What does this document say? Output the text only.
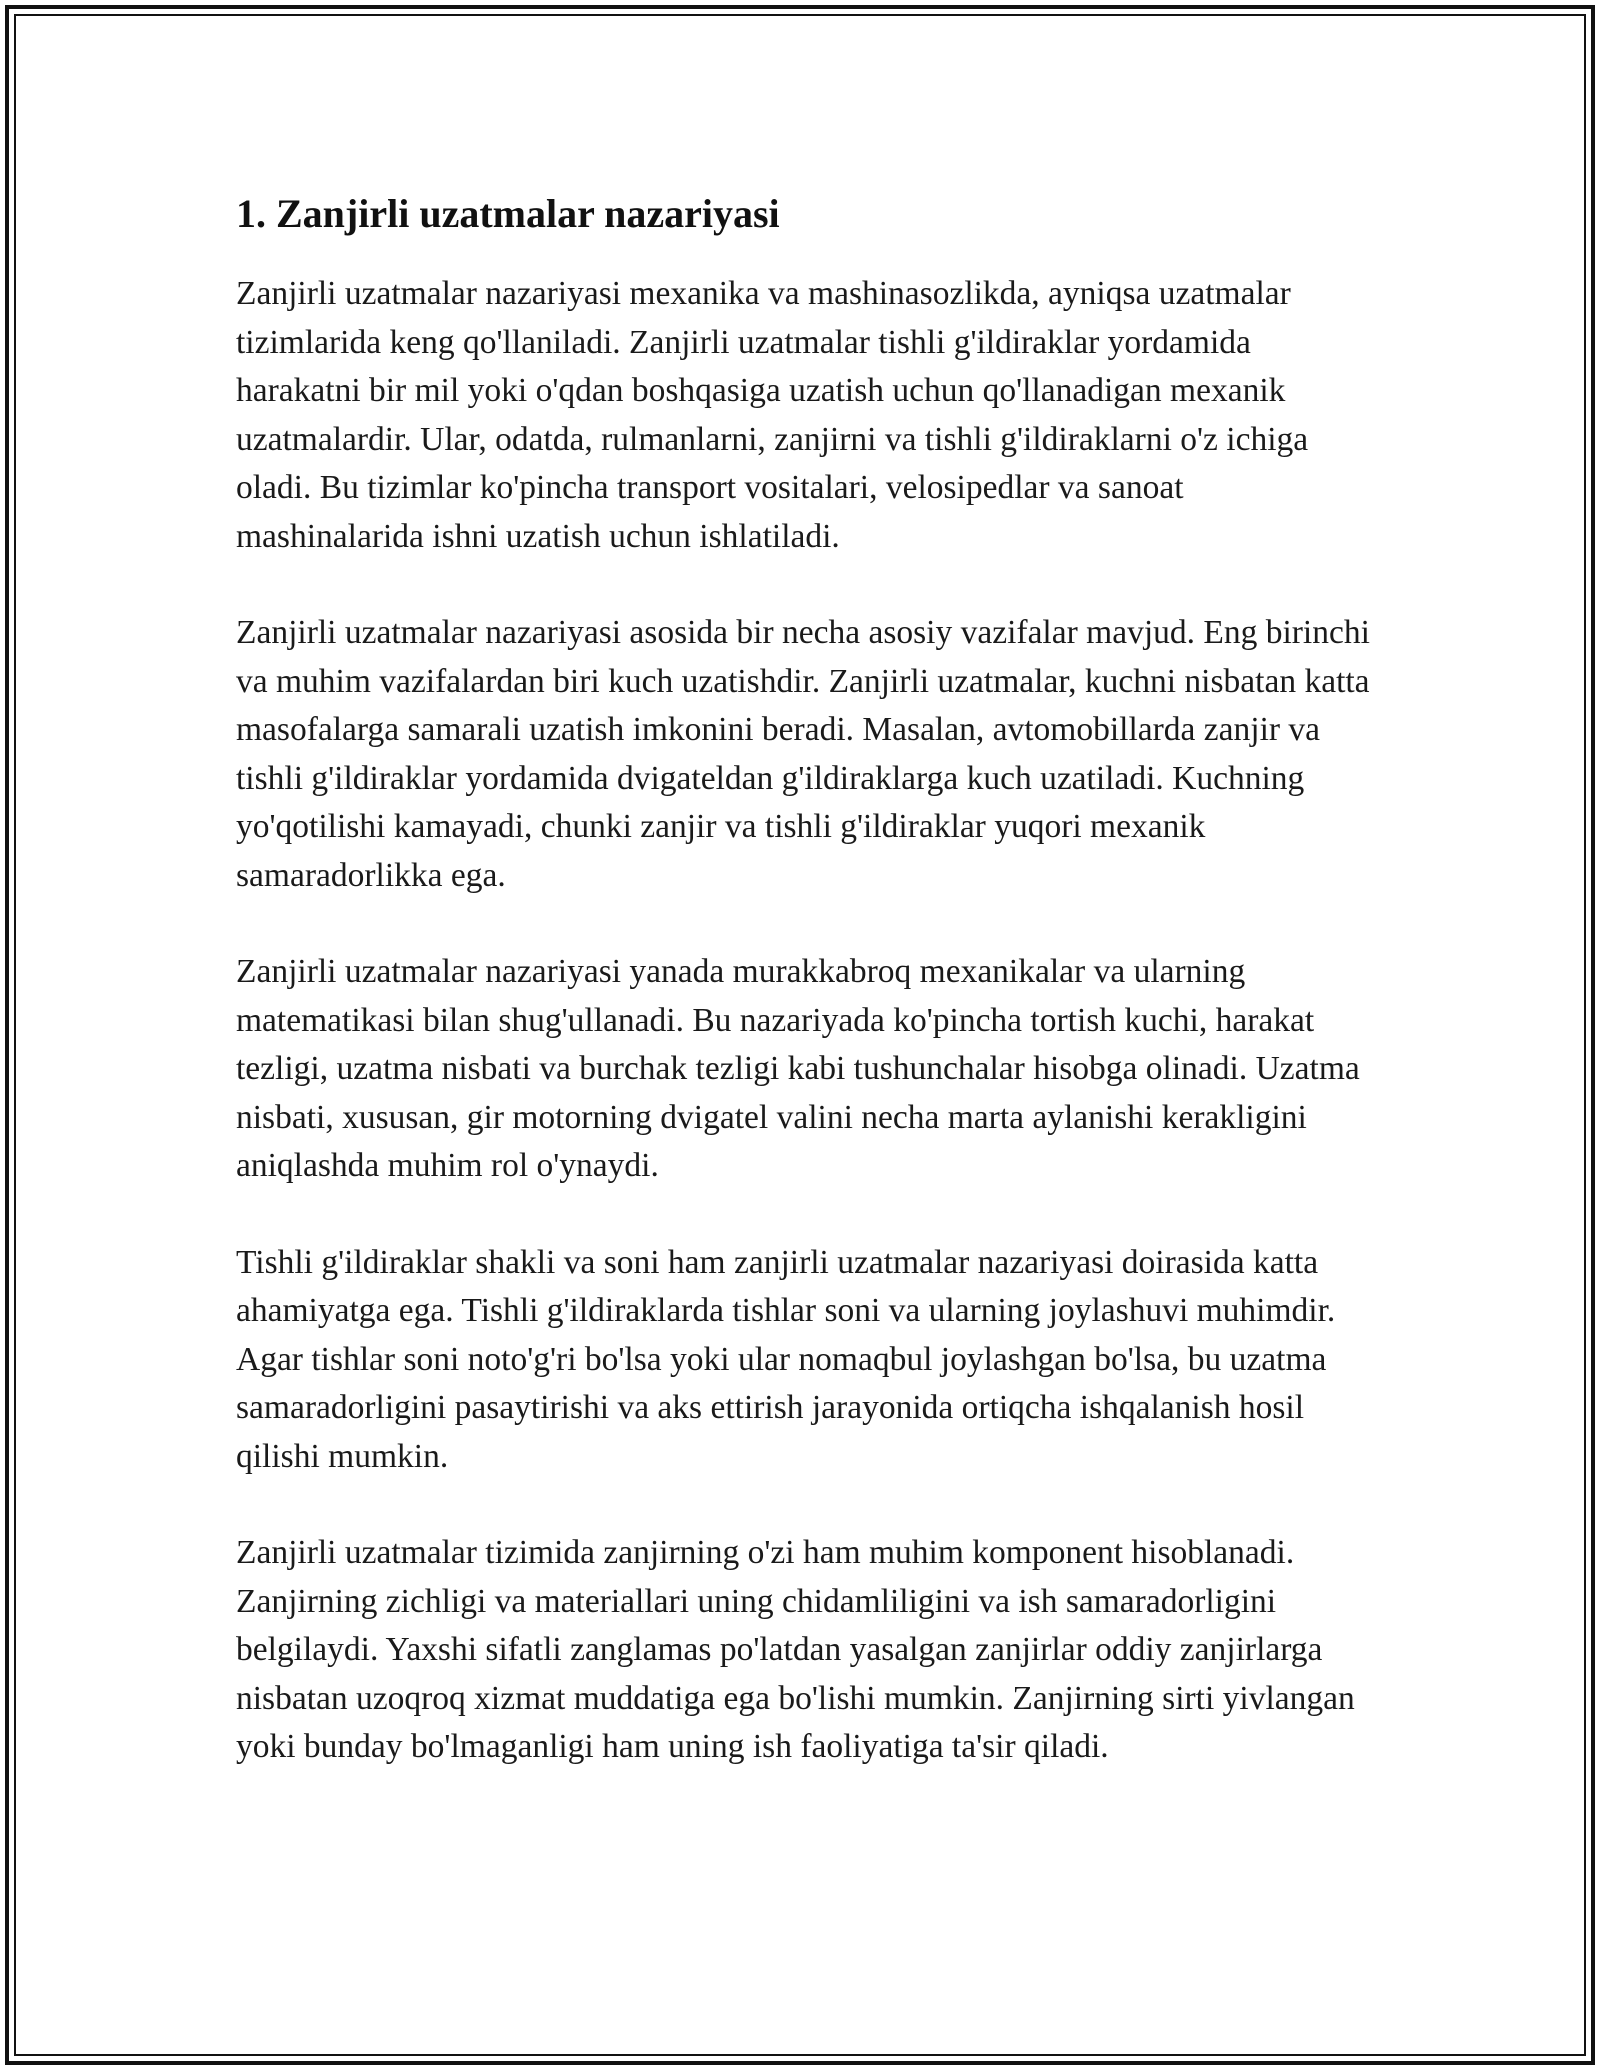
1. Zanjirli uzatmalar nazariyasi

Zanjirli uzatmalar nazariyasi mexanika va mashinasozlikda, ayniqsa uzatmalar tizimlarida keng qo'llaniladi. Zanjirli uzatmalar tishli g'ildiraklar yordamida harakatni bir mil yoki o'qdan boshqasiga uzatish uchun qo'llanadigan mexanik uzatmalardir. Ular, odatda, rulmanlarni, zanjirni va tishli g'ildiraklarni o'z ichiga oladi. Bu tizimlar ko'pincha transport vositalari, velosipedlar va sanoat mashinalarida ishni uzatish uchun ishlatiladi.

Zanjirli uzatmalar nazariyasi asosida bir necha asosiy vazifalar mavjud. Eng birinchi va muhim vazifalardan biri kuch uzatishdir. Zanjirli uzatmalar, kuchni nisbatan katta masofalarga samarali uzatish imkonini beradi. Masalan, avtomobillarda zanjir va tishli g'ildiraklar yordamida dvigateldan g'ildiraklarga kuch uzatiladi. Kuchning yo'qotilishi kamayadi, chunki zanjir va tishli g'ildiraklar yuqori mexanik samaradorlikka ega.

Zanjirli uzatmalar nazariyasi yanada murakkabroq mexanikalar va ularning matematikasi bilan shug'ullanadi. Bu nazariyada ko'pincha tortish kuchi, harakat tezligi, uzatma nisbati va burchak tezligi kabi tushunchalar hisobga olinadi. Uzatma nisbati, xususan, gir motorning dvigatel valini necha marta aylanishi kerakligini aniqlashda muhim rol o'ynaydi.

Tishli g'ildiraklar shakli va soni ham zanjirli uzatmalar nazariyasi doirasida katta ahamiyatga ega. Tishli g'ildiraklarda tishlar soni va ularning joylashuvi muhimdir. Agar tishlar soni noto'g'ri bo'lsa yoki ular nomaqbul joylashgan bo'lsa, bu uzatma samaradorligini pasaytirishi va aks ettirish jarayonida ortiqcha ishqalanish hosil qilishi mumkin.

Zanjirli uzatmalar tizimida zanjirning o'zi ham muhim komponent hisoblanadi. Zanjirning zichligi va materiallari uning chidamliligini va ish samaradorligini belgilaydi. Yaxshi sifatli zanglamas po'latdan yasalgan zanjirlar oddiy zanjirlarga nisbatan uzoqroq xizmat muddatiga ega bo'lishi mumkin. Zanjirning sirti yivlangan yoki bunday bo'lmaganligi ham uning ish faoliyatiga ta'sir qiladi.
